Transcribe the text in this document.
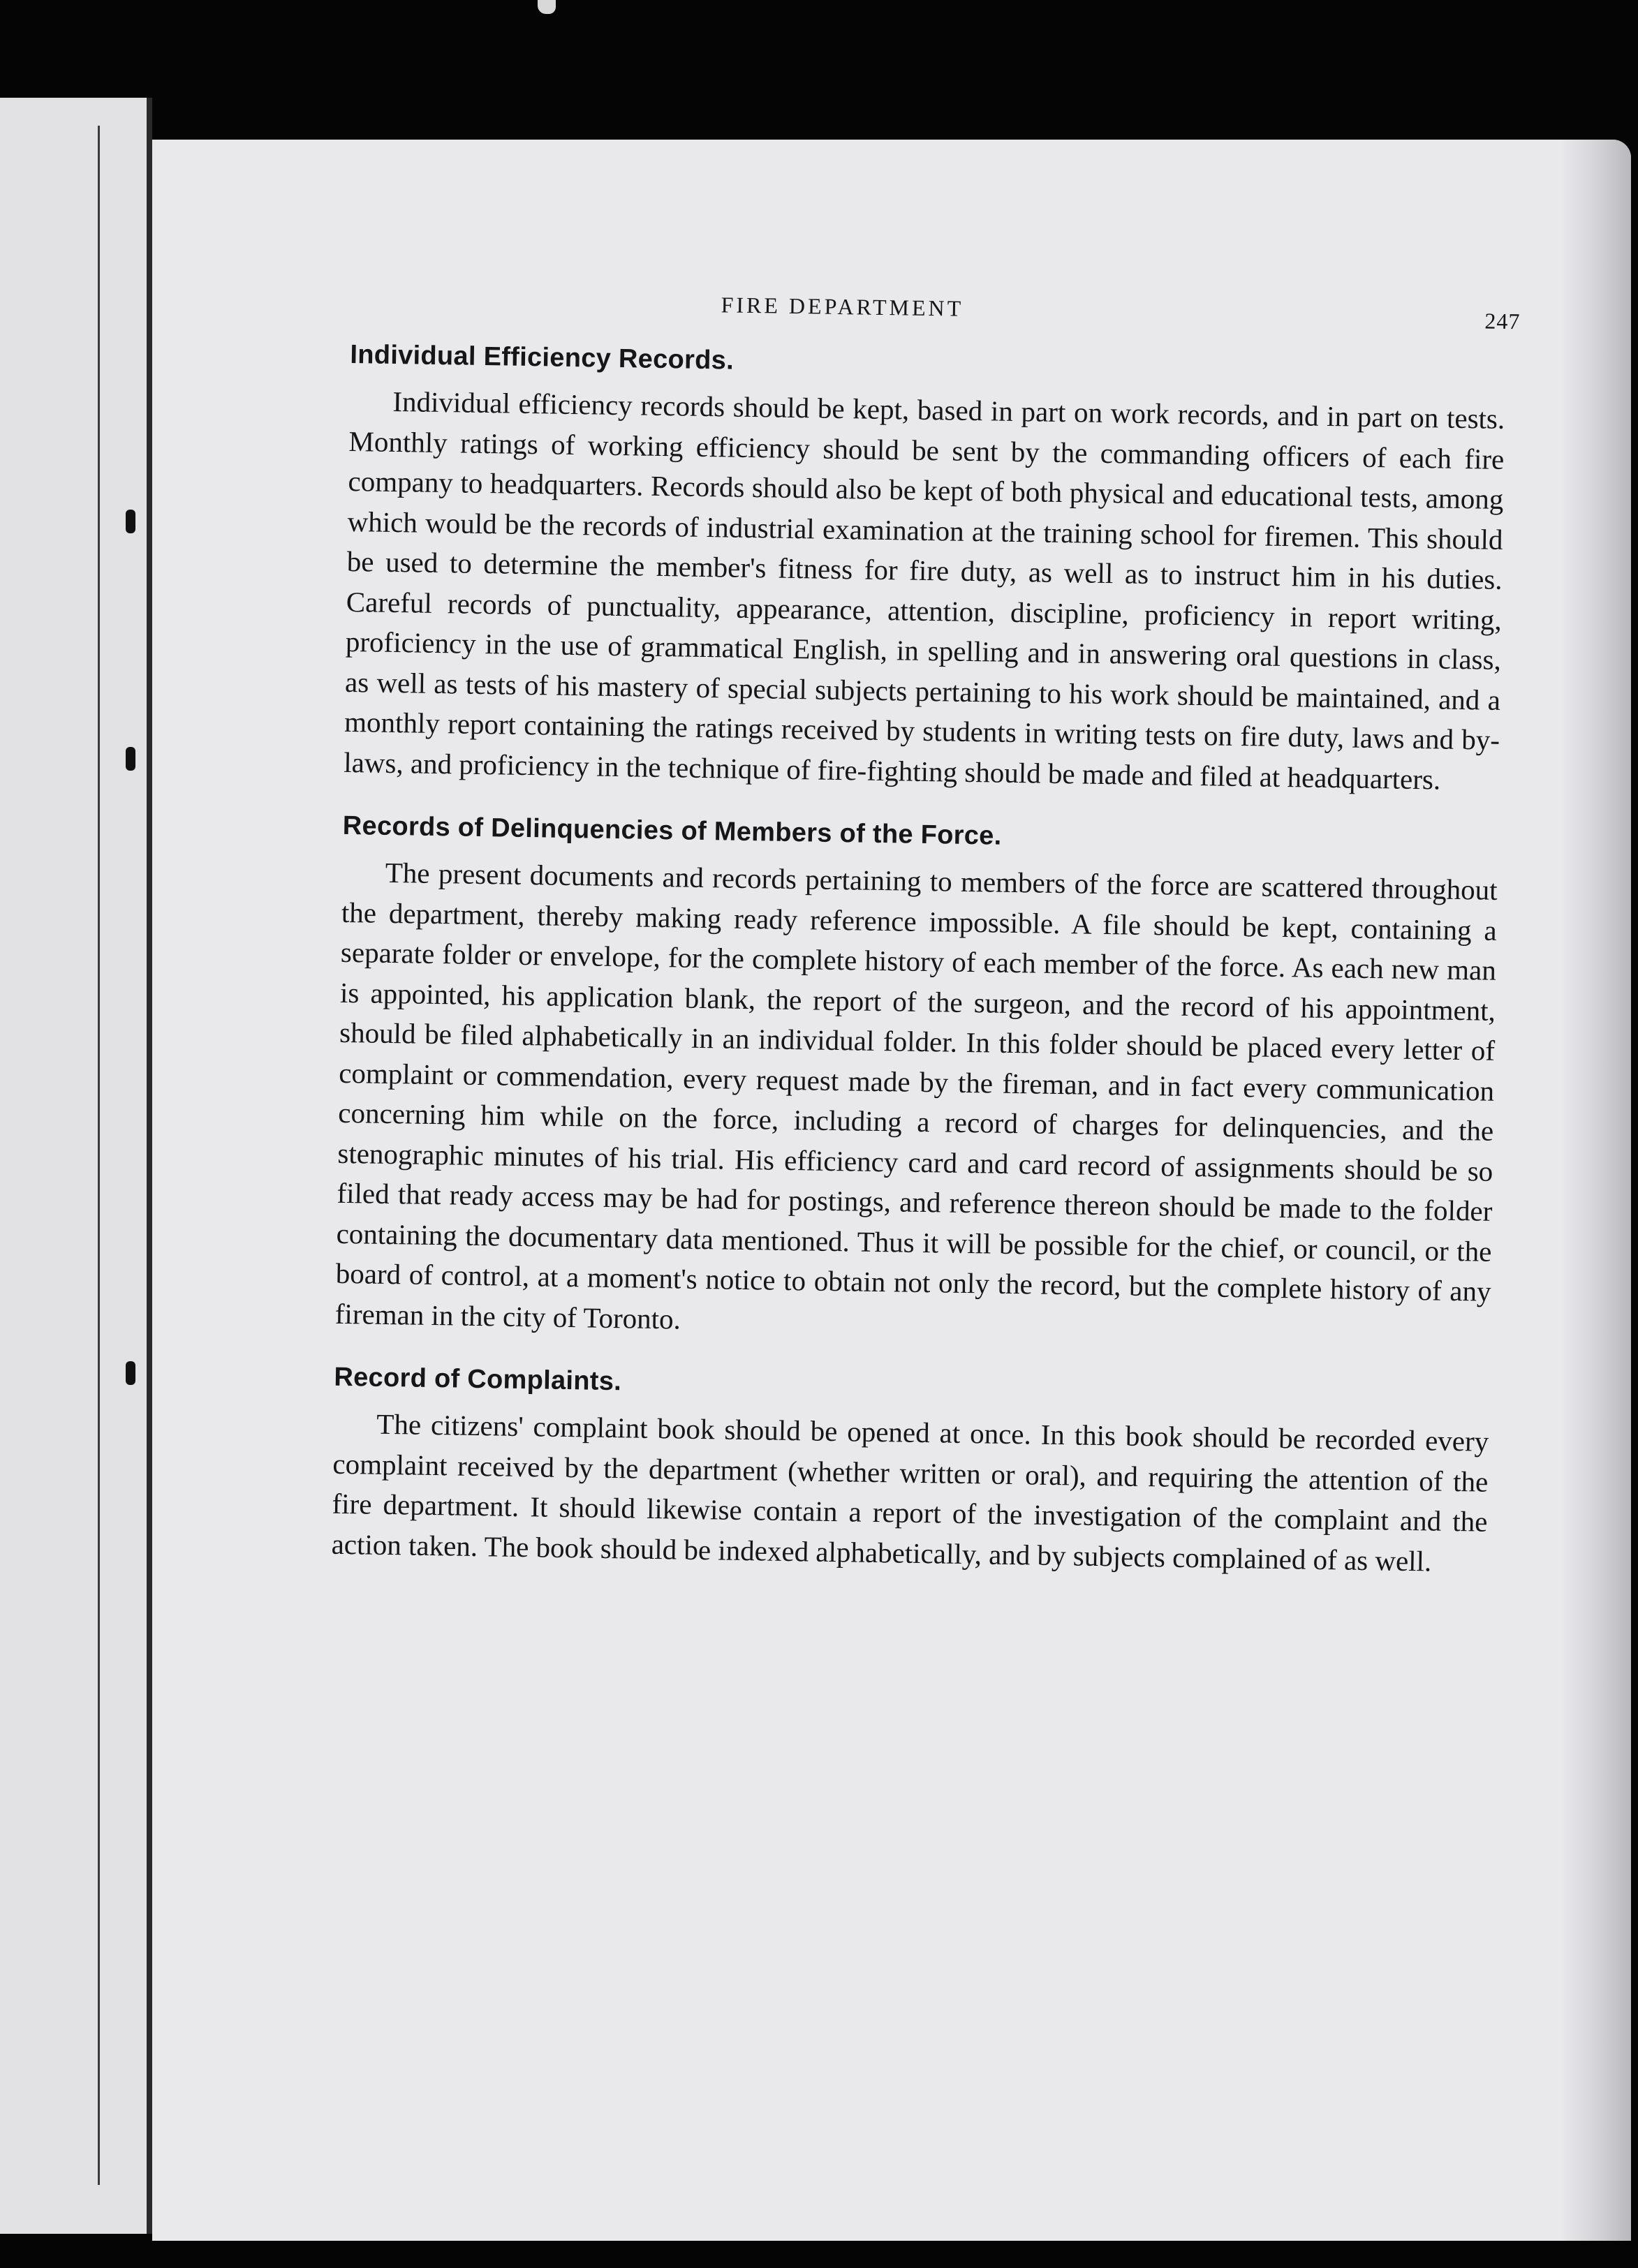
FIRE DEPARTMENT
247
Individual Efficiency Records.

Individual efficiency records should be kept, based in part on work records, and in part on tests. Monthly ratings of working efficiency should be sent by the commanding officers of each fire company to headquarters. Records should also be kept of both physical and educational tests, among which would be the records of industrial examination at the training school for firemen. This should be used to determine the member's fitness for fire duty, as well as to instruct him in his duties. Careful records of punctuality, appearance, attention, discipline, proficiency in report writing, proficiency in the use of grammatical English, in spelling and in answering oral questions in class, as well as tests of his mastery of special subjects pertaining to his work should be maintained, and a monthly report containing the ratings received by students in writing tests on fire duty, laws and by-laws, and proficiency in the technique of fire-fighting should be made and filed at headquarters.

Records of Delinquencies of Members of the Force.

The present documents and records pertaining to members of the force are scattered throughout the department, thereby making ready reference impossible. A file should be kept, containing a separate folder or envelope, for the complete history of each member of the force. As each new man is appointed, his application blank, the report of the surgeon, and the record of his appointment, should be filed alphabetically in an individual folder. In this folder should be placed every letter of complaint or commendation, every request made by the fireman, and in fact every communication concerning him while on the force, including a record of charges for delinquencies, and the stenographic minutes of his trial. His efficiency card and card record of assignments should be so filed that ready access may be had for postings, and reference thereon should be made to the folder containing the documentary data mentioned. Thus it will be possible for the chief, or council, or the board of control, at a moment's notice to obtain not only the record, but the complete history of any fireman in the city of Toronto.

Record of Complaints.

The citizens' complaint book should be opened at once. In this book should be recorded every complaint received by the department (whether written or oral), and requiring the attention of the fire department. It should likewise contain a report of the investigation of the complaint and the action taken. The book should be indexed alphabetically, and by subjects complained of as well.
